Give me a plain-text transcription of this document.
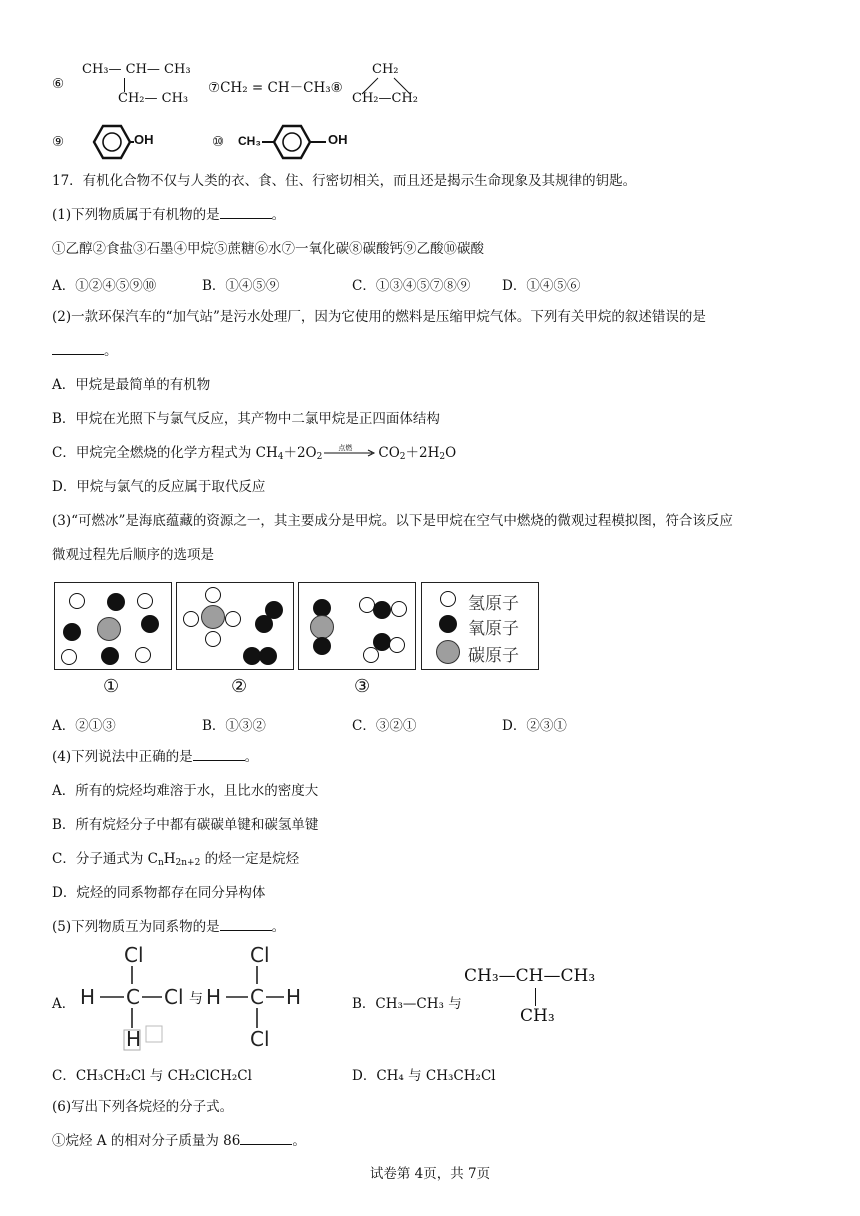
⑥
CH₃— CH— CH₃
CH₂— CH₃
⑦CH₂ = CH－CH₃⑧
CH₂
CH₂—CH₂
⑨	OH	⑩ CH₃	OH
17．有机化合物不仅与人类的衣、食、住、行密切相关，而且还是揭示生命现象及其规律的钥匙。
(1)下列物质属于有机物的是	。
①乙醇②食盐③石墨④甲烷⑤蔗糖⑥水⑦一氧化碳⑧碳酸钙⑨乙酸⑩碳酸
A．①②④⑤⑨⑩	B．①④⑤⑨	C．①③④⑤⑦⑧⑨ D．①④⑤⑥
(2)一款环保汽车的“加气站”是污水处理厂，因为它使用的燃料是压缩甲烷气体。下列有关甲烷的叙述错误的是
。
A．甲烷是最简单的有机物
B．甲烷在光照下与氯气反应，其产物中二氯甲烷是正四面体结构
C．甲烷完全燃烧的化学方程式为 $CH_4+2O_2$
点燃 $CO_2+2H_2O$
D．甲烷与氯气的反应属于取代反应
(3)“可燃冰”是海底蕴藏的资源之一，其主要成分是甲烷。以下是甲烷在空气中燃烧的微观过程模拟图，符合该反应
微观过程先后顺序的选项是
氢原子
氧原子
碳原子
①	②	③
A．②①③	B．①③②	C．③②①	D．②③①
(4)下列说法中正确的是	。
A．所有的烷烃均难溶于水，且比水的密度大
B．所有烷烃分子中都有碳碳单键和碳氢单键
C．分子通式为 $C_nH_{2n+2}$ 的烃一定是烷烃
D．烷烃的同系物都存在同分异构体
(5)下列物质互为同系物的是	。
A．
Cl
H C Cl
H
Cl
H C H
Cl
与	B．CH₃—CH₃ 与
CH₃—CH—CH₃
CH₃
C．CH₃CH₂Cl 与 CH₂ClCH₂Cl	D．CH₄ 与 CH₃CH₂Cl
(6)写出下列各烷烃的分子式。
①烷烃 A 的相对分子质量为 86	。
试卷第 4页，共 7页
